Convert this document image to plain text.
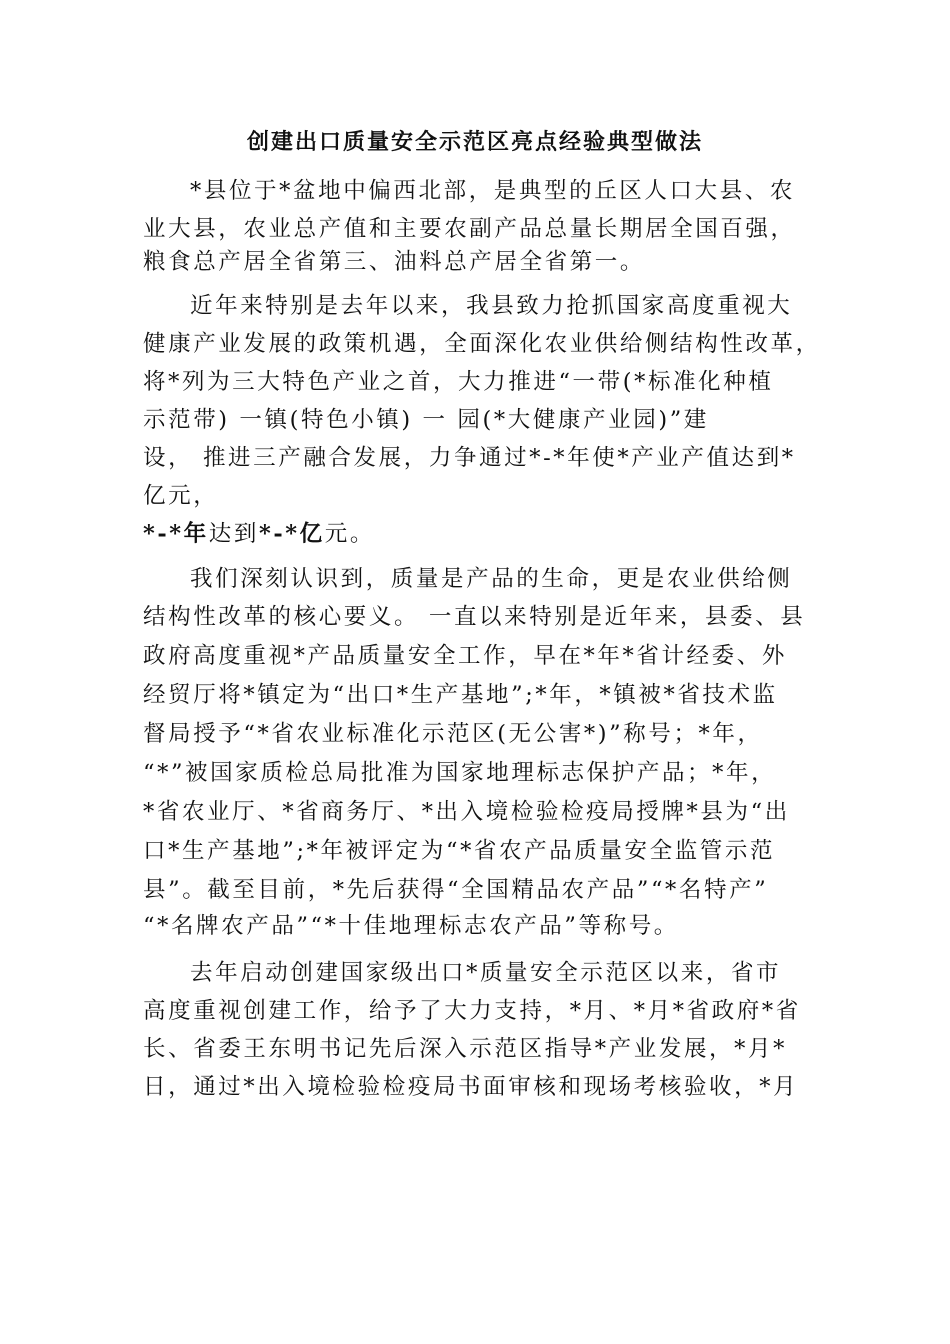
创建出口质量安全示范区亮点经验典型做法
*县位于*盆地中偏西北部，是典型的丘区人口大县、农
业大县，农业总产值和主要农副产品总量长期居全国百强，
粮食总产居全省第三、油料总产居全省第一。
近年来特别是去年以来，我县致力抢抓国家高度重视大
健康产业发展的政策机遇，全面深化农业供给侧结构性改革，
将*列为三大特色产业之首，大力推进“一带(*标准化种植
示范带) 一镇(特色小镇) 一 园(*大健康产业园)”建
设， 推进三产融合发展，力争通过*-*年使*产业产值达到*
亿元，
*-*年达到*-*亿元。
我们深刻认识到，质量是产品的生命，更是农业供给侧
结构性改革的核心要义。 一直以来特别是近年来，县委、县
政府高度重视*产品质量安全工作，早在*年*省计经委、外
经贸厅将*镇定为“出口*生产基地”;*年，*镇被*省技术监
督局授予“*省农业标准化示范区(无公害*)”称号；*年，
“*”被国家质检总局批准为国家地理标志保护产品；*年，
*省农业厅、*省商务厅、*出入境检验检疫局授牌*县为“出
口*生产基地”;*年被评定为“*省农产品质量安全监管示范
县”。截至目前，*先后获得“全国精品农产品”“*名特产”
“*名牌农产品”“*十佳地理标志农产品”等称号。
去年启动创建国家级出口*质量安全示范区以来，省市
高度重视创建工作，给予了大力支持，*月、*月*省政府*省
长、省委王东明书记先后深入示范区指导*产业发展，*月*
日，通过*出入境检验检疫局书面审核和现场考核验收，*月
